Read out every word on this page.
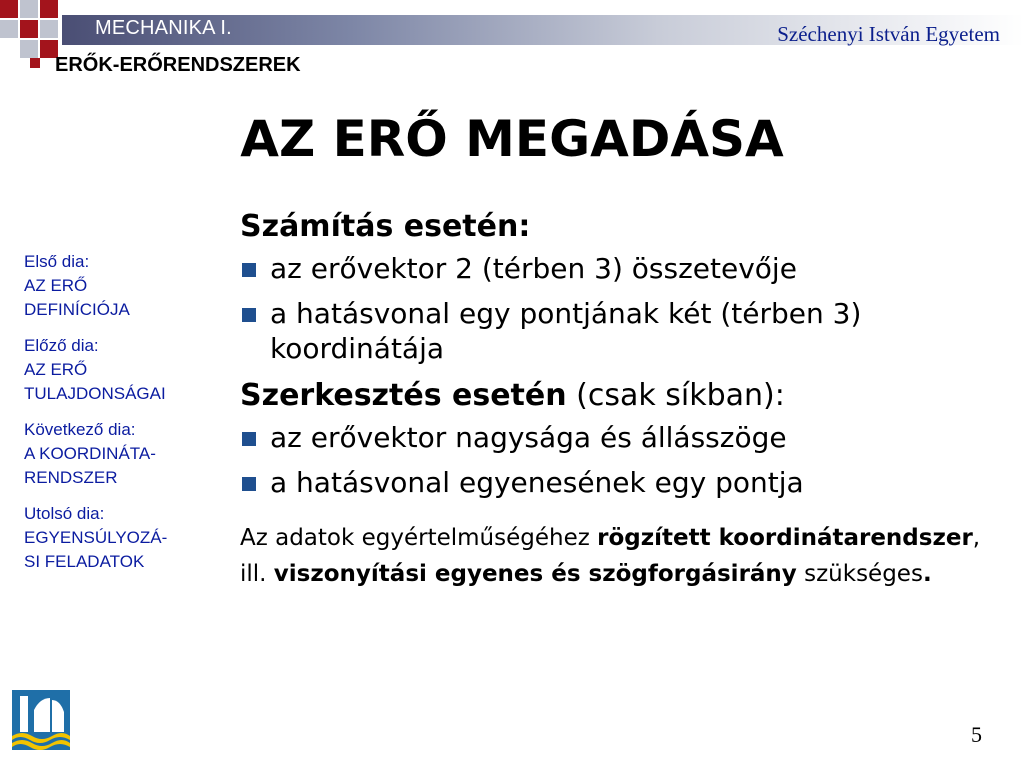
MECHANIKA I.	Széchenyi István Egyetem
ERŐK-ERŐRENDSZEREK
AZ ERŐ MEGADÁSA
Első dia:
AZ ERŐ
DEFINÍCIÓJA
Előző dia:
AZ ERŐ
TULAJDONSÁGAI
Következő dia:
A KOORDINÁTA-
RENDSZER
Utolsó dia:
EGYENSÚLYOZÁ-
SI FELADATOK
Számítás esetén:
az erővektor 2 (térben 3) összetevője
a hatásvonal egy pontjának két (térben 3) koordinátája
Szerkesztés esetén (csak síkban):
az erővektor nagysága és állásszöge
a hatásvonal egyenesének egy pontja
Az adatok egyértelműségéhez rögzített koordinátarendszer, ill. viszonyítási egyenes és szögforgásirány szükséges.
5
